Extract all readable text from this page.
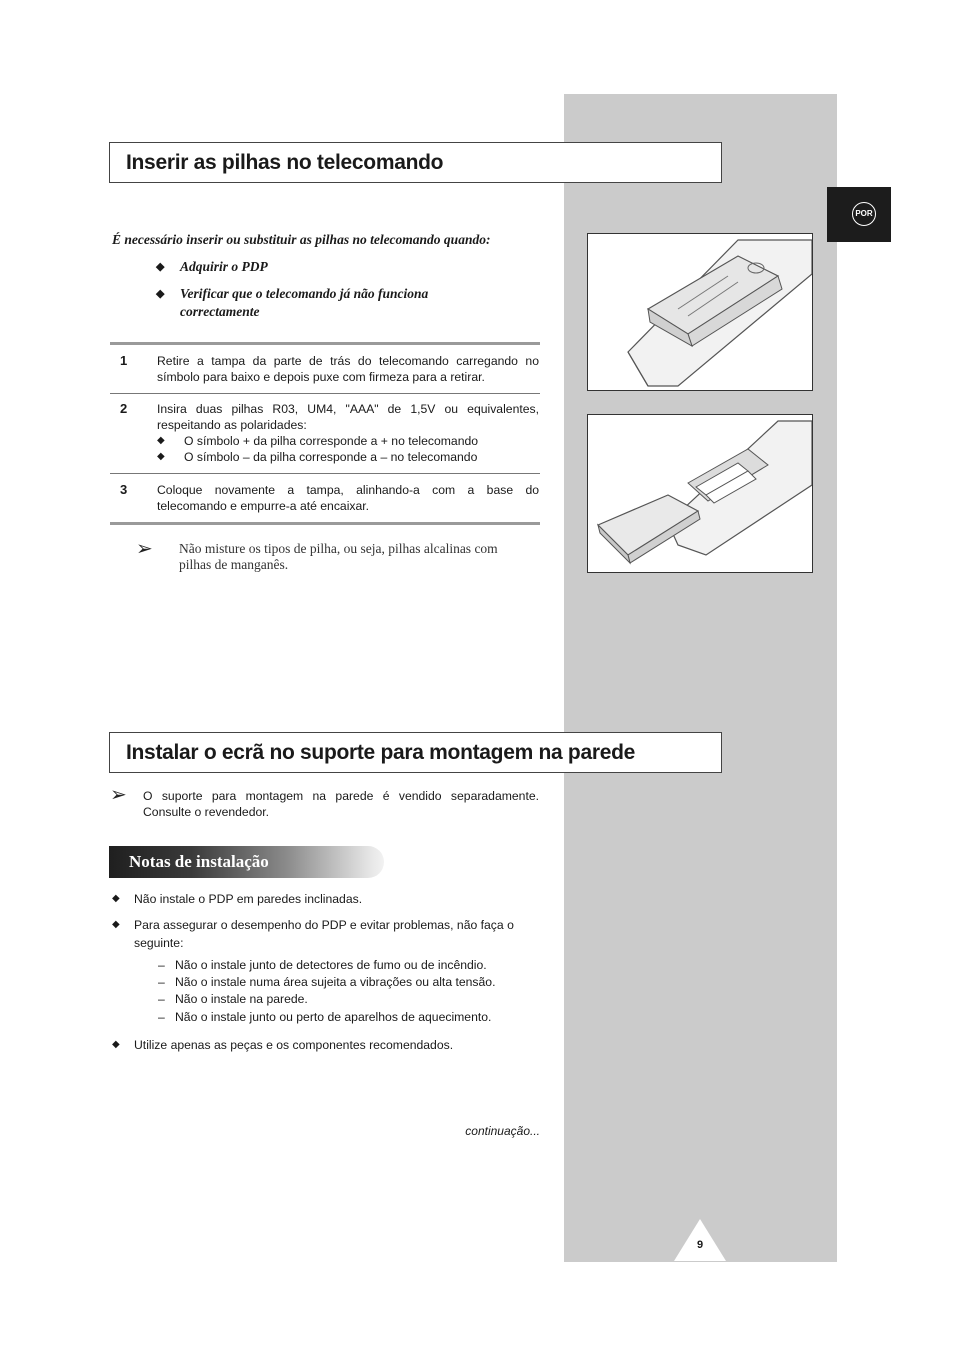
POR
Inserir as pilhas no telecomando
É necessário inserir ou substituir as pilhas no telecomando quando:
◆ Adquirir o PDP
◆ Verificar que o telecomando já não funciona correctamente
1 Retire a tampa da parte de trás do telecomando carregando no símbolo para baixo e depois puxe com firmeza para a retirar.
2 Insira duas pilhas R03, UM4, "AAA" de 1,5V ou equivalentes, respeitando as polaridades:
◆ O símbolo + da pilha corresponde a + no telecomando
◆ O símbolo – da pilha corresponde a – no telecomando
3 Coloque novamente a tampa, alinhando-a com a base do telecomando e empurre-a até encaixar.
➢ Não misture os tipos de pilha, ou seja, pilhas alcalinas com pilhas de manganês.
Instalar o ecrã no suporte para montagem na parede
➢ O suporte para montagem na parede é vendido separadamente. Consulte o revendedor.
Notas de instalação
◆ Não instale o PDP em paredes inclinadas.
◆ Para assegurar o desempenho do PDP e evitar problemas, não faça o seguinte:
– Não o instale junto de detectores de fumo ou de incêndio.
– Não o instale numa área sujeita a vibrações ou alta tensão.
– Não o instale na parede.
– Não o instale junto ou perto de aparelhos de aquecimento.
◆ Utilize apenas as peças e os componentes recomendados.
continuação...
9
